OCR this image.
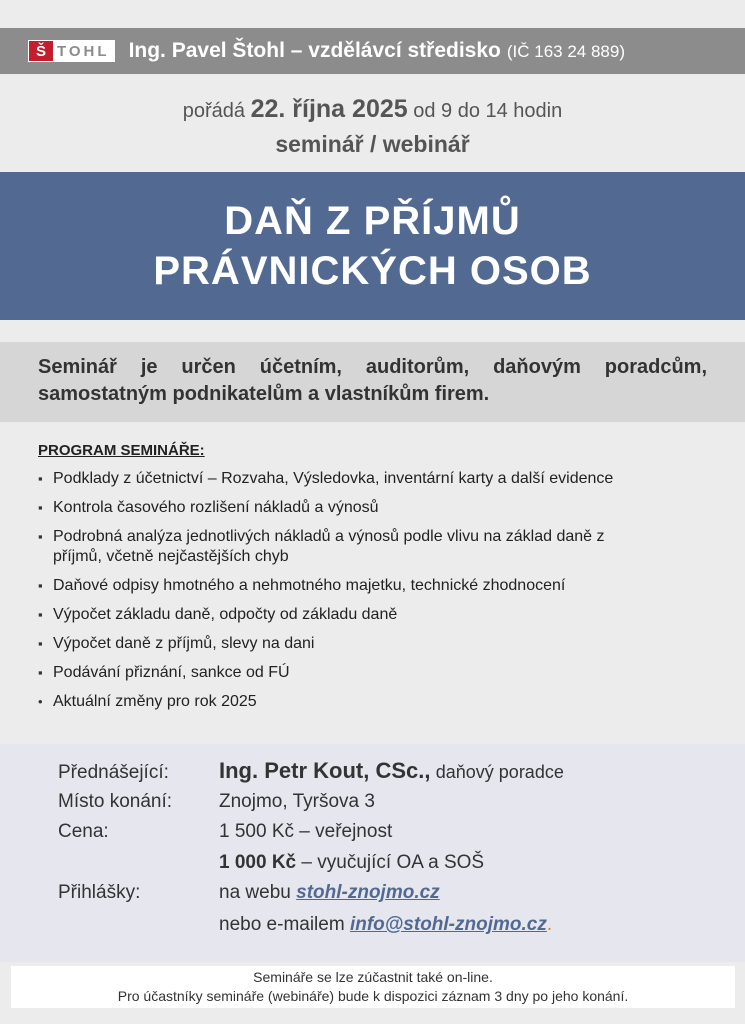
Š TOHL Ing. Pavel Štohl – vzdělávcí středisko (IČ 163 24 889)
pořádá 22. října 2025 od 9 do 14 hodin
seminář / webinář
DAŇ Z PŘÍJMŮ
PRÁVNICKÝCH OSOB

Seminář je určen účetním, auditorům, daňovým poradcům, samostatným podnikatelům a vlastníkům firem.

PROGRAM SEMINÁŘE:
▪ Podklady z účetnictví – Rozvaha, Výsledovka, inventární karty a další evidence
▪ Kontrola časového rozlišení nákladů a výnosů
▪ Podrobná analýza jednotlivých nákladů a výnosů podle vlivu na základ daně z příjmů, včetně nejčastějších chyb
▪ Daňové odpisy hmotného a nehmotného majetku, technické zhodnocení
▪ Výpočet základu daně, odpočty od základu daně
▪ Výpočet daně z příjmů, slevy na dani
▪ Podávání přiznání, sankce od FÚ
• Aktuální změny pro rok 2025
Přednášející: Ing. Petr Kout, CSc., daňový poradce
Místo konání: Znojmo, Tyršova 3
Cena:	1 500 Kč – veřejnost
1 000 Kč – vyučující OA a SOŠ
Přihlášky:	na webu stohl-znojmo.cz
nebo e-mailem info@stohl-znojmo.cz.
Semináře se lze zúčastnit také on-line.
Pro účastníky semináře (webináře) bude k dispozici záznam 3 dny po jeho konání.
